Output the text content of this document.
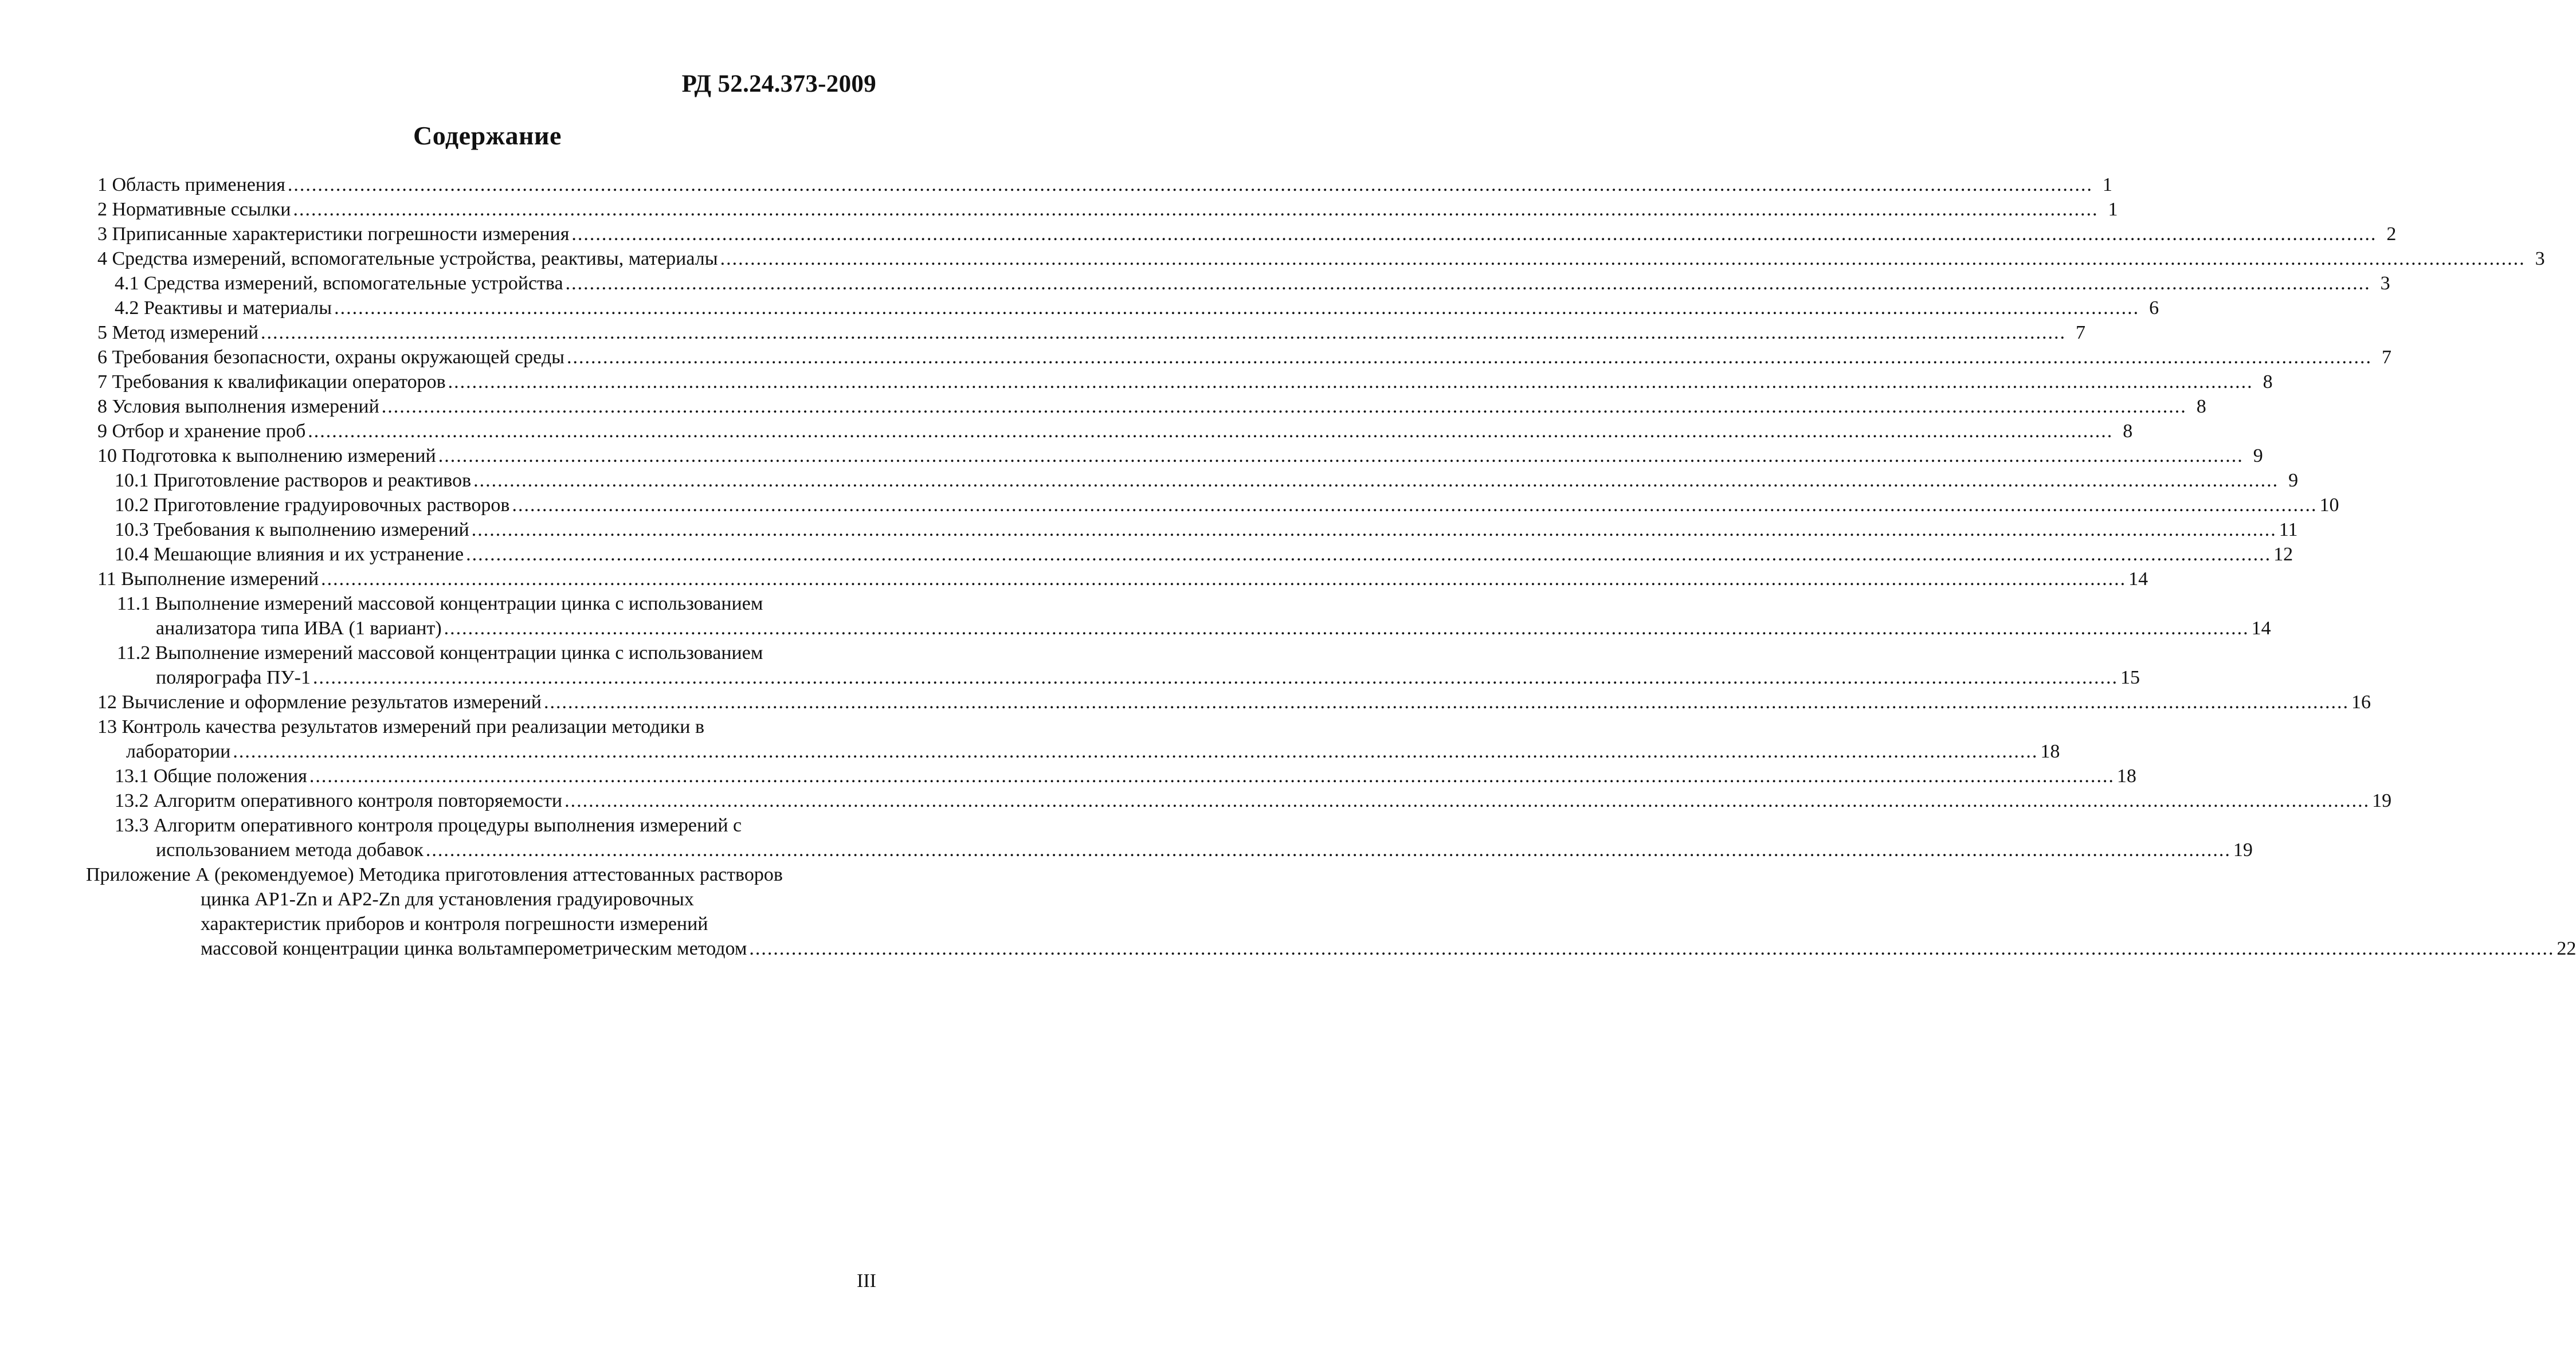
РД 52.24.373-2009
Содержание
1 Область применения ............................................................................................................................................................................................................................................................................................................ 1
2 Нормативные ссылки ............................................................................................................................................................................................................................................................................................................ 1
3 Приписанные характеристики погрешности измерения ............................................................................................................................................................................................................................................................................................................ 2
4 Средства измерений, вспомогательные устройства, реактивы, материалы ............................................................................................................................................................................................................................................................................................................ 3
4.1 Средства измерений, вспомогательные устройства ............................................................................................................................................................................................................................................................................................................ 3
4.2 Реактивы и материалы ............................................................................................................................................................................................................................................................................................................ 6
5 Метод измерений ............................................................................................................................................................................................................................................................................................................ 7
6 Требования безопасности, охраны окружающей среды ............................................................................................................................................................................................................................................................................................................ 7
7 Требования к квалификации операторов ............................................................................................................................................................................................................................................................................................................ 8
8 Условия выполнения измерений ............................................................................................................................................................................................................................................................................................................ 8
9 Отбор и хранение проб ............................................................................................................................................................................................................................................................................................................ 8
10 Подготовка к выполнению измерений ............................................................................................................................................................................................................................................................................................................ 9
10.1 Приготовление растворов и реактивов ............................................................................................................................................................................................................................................................................................................ 9
10.2 Приготовление градуировочных растворов ............................................................................................................................................................................................................................................................................................................ 10
10.3 Требования к выполнению измерений ............................................................................................................................................................................................................................................................................................................ 11
10.4 Мешающие влияния и их устранение ............................................................................................................................................................................................................................................................................................................ 12
11 Выполнение измерений ............................................................................................................................................................................................................................................................................................................ 14
11.1 Выполнение измерений массовой концентрации цинка с использованием
анализатора типа ИВА (1 вариант) ............................................................................................................................................................................................................................................................................................................ 14
11.2 Выполнение измерений массовой концентрации цинка с использованием
полярографа ПУ-1 ............................................................................................................................................................................................................................................................................................................ 15
12 Вычисление и оформление результатов измерений ............................................................................................................................................................................................................................................................................................................ 16
13 Контроль качества результатов измерений при реализации методики в
лаборатории ............................................................................................................................................................................................................................................................................................................ 18
13.1 Общие положения ............................................................................................................................................................................................................................................................................................................ 18
13.2 Алгоритм оперативного контроля повторяемости ............................................................................................................................................................................................................................................................................................................ 19
13.3 Алгоритм оперативного контроля процедуры выполнения измерений с
использованием метода добавок ............................................................................................................................................................................................................................................................................................................ 19
Приложение А (рекомендуемое) Методика приготовления аттестованных растворов
цинка АР1-Zn и АР2-Zn для установления градуировочных
характеристик приборов и контроля погрешности измерений
массовой концентрации цинка вольтамперометрическим методом ............................................................................................................................................................................................................................................................................................................ 22
III
